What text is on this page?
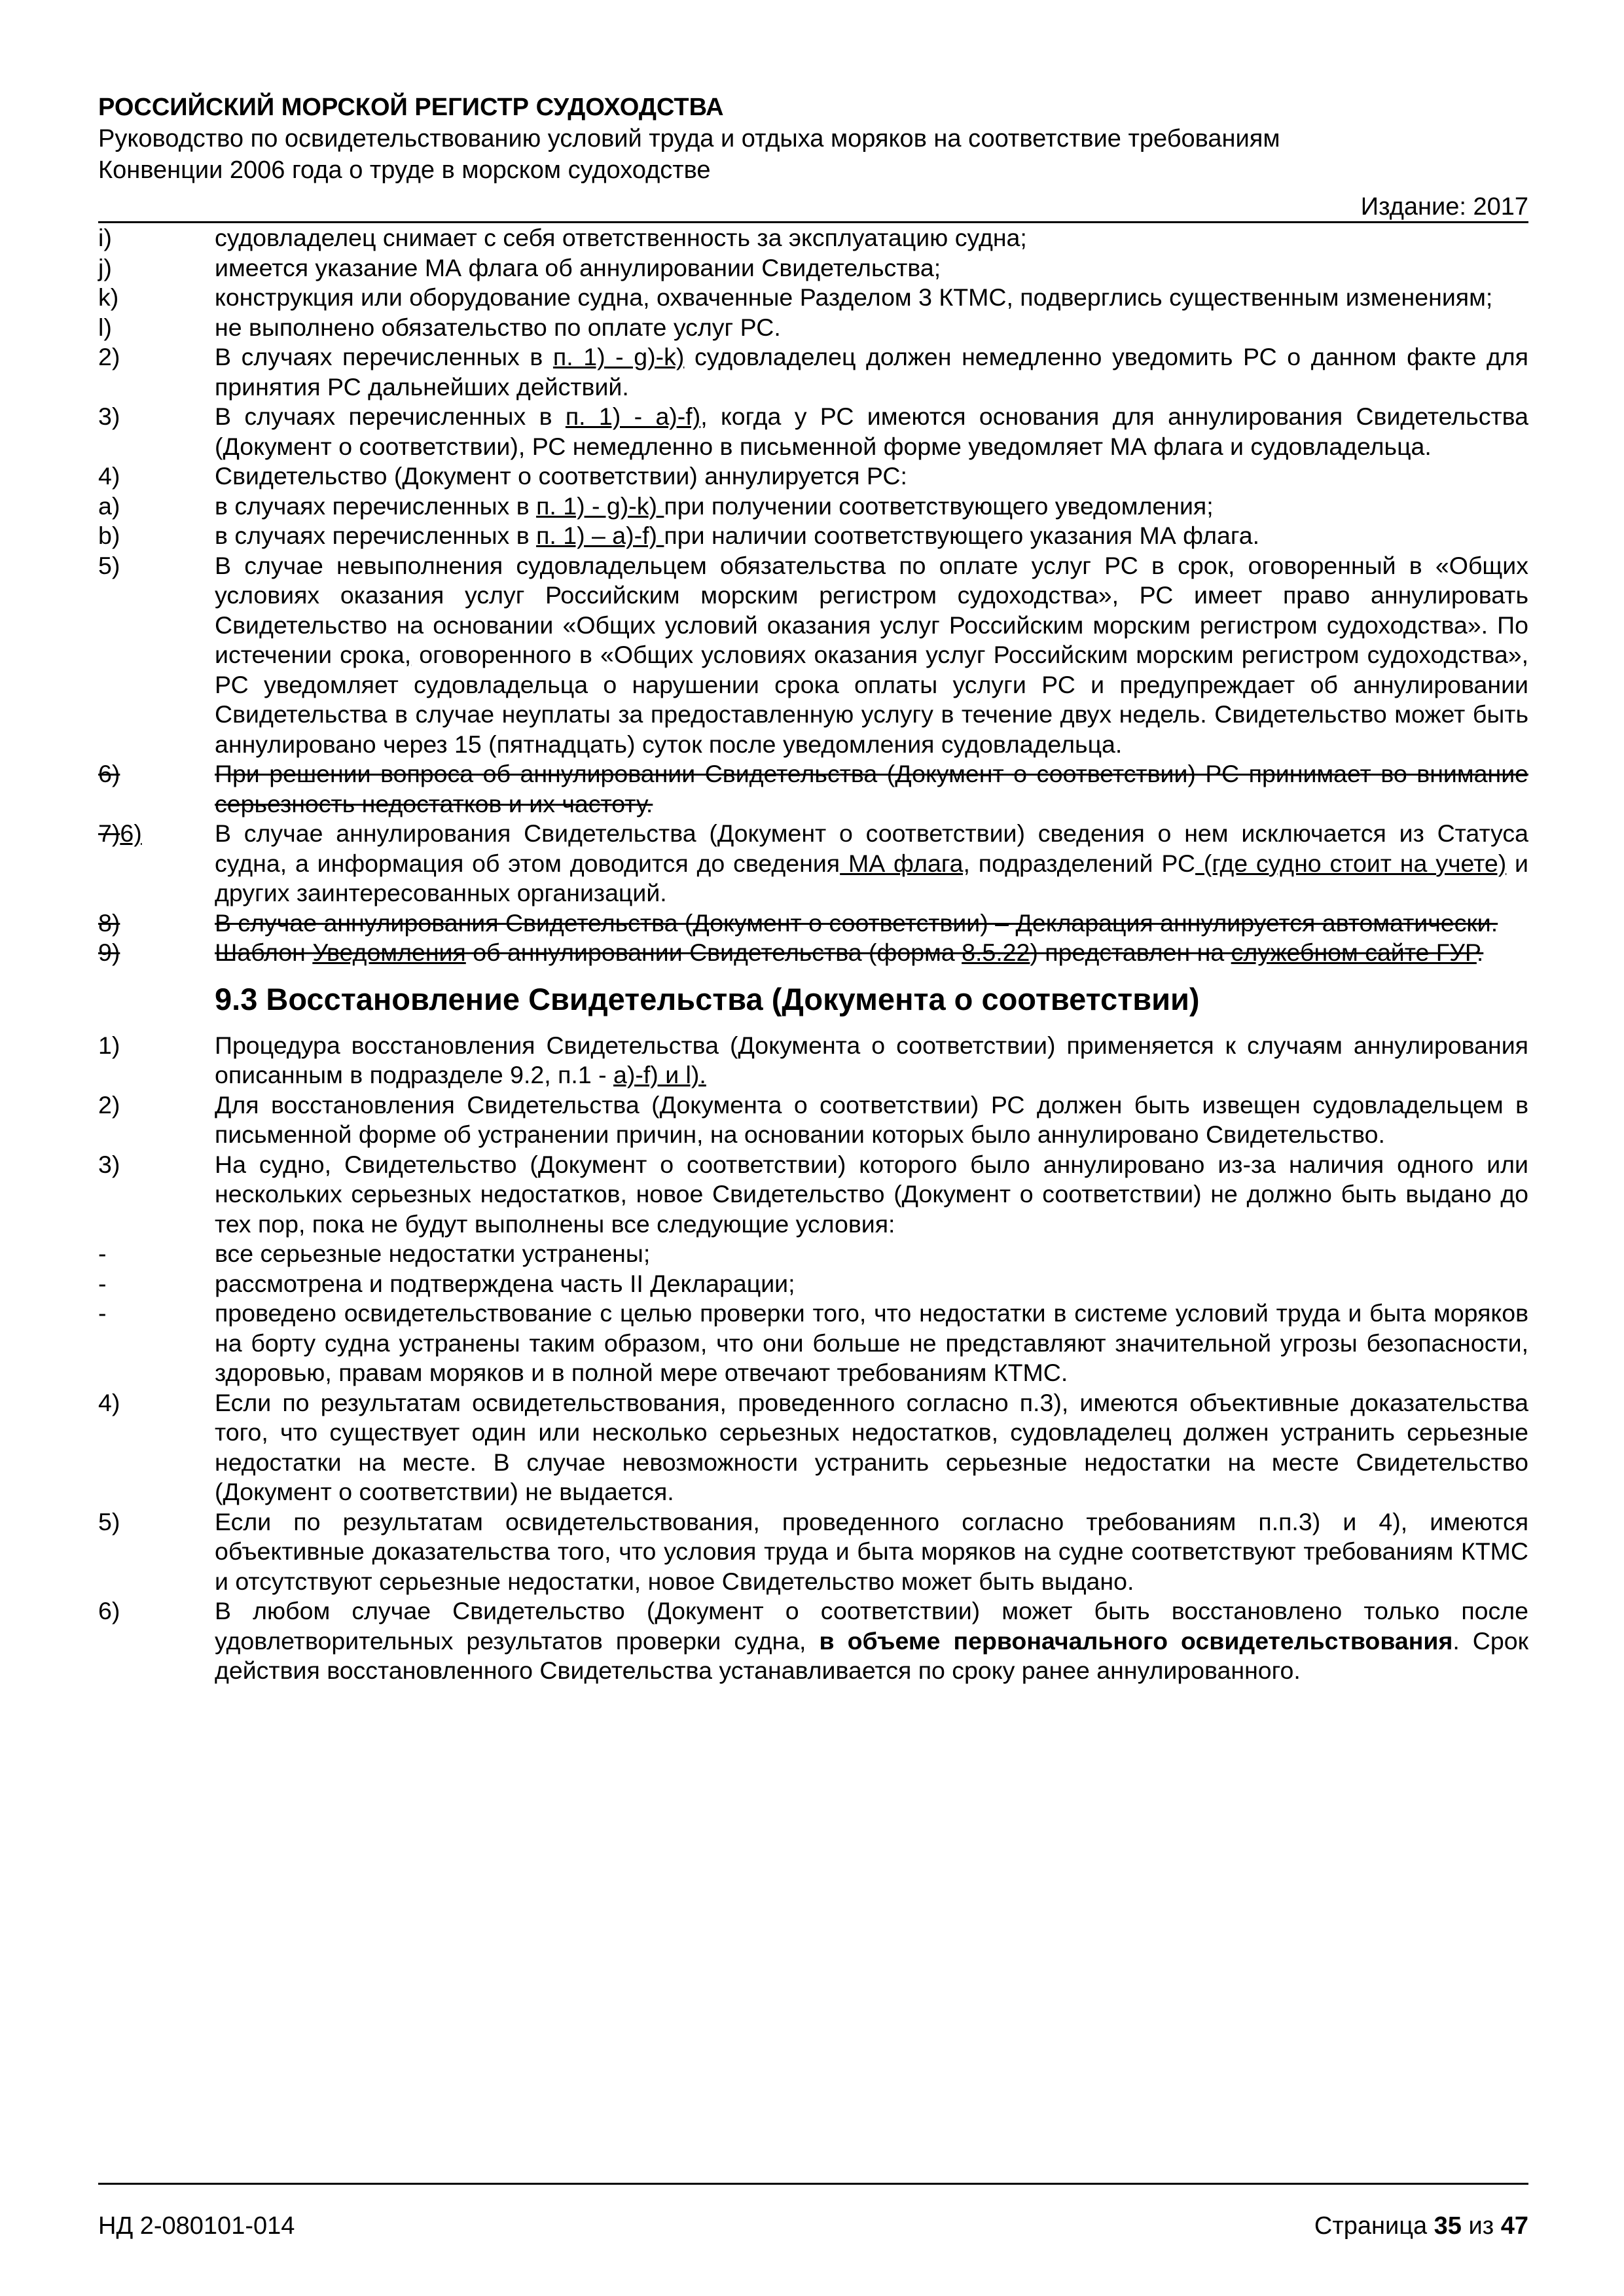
РОССИЙСКИЙ МОРСКОЙ РЕГИСТР СУДОХОДСТВА
Руководство по освидетельствованию условий труда и отдыха моряков на соответствие требованиям
Конвенции 2006 года о труде в морском судоходстве
Издание: 2017
i)	судовладелец снимает с себя ответственность за эксплуатацию судна;
j)	имеется указание МА флага об аннулировании Свидетельства;
k)	конструкция или оборудование судна, охваченные Разделом 3 КТМС, подверглись существенным изменениям;
l)	не выполнено обязательство по оплате услуг РС.
2)	В случаях перечисленных в п. 1) - g)-k) судовладелец должен немедленно уведомить РС о данном факте для принятия РС дальнейших действий.
3)	В случаях перечисленных в п. 1) - a)-f), когда у РС имеются основания для аннулирования Свидетельства (Документ о соответствии), РС немедленно в письменной форме уведомляет МА флага и судовладельца.
4)	Свидетельство (Документ о соответствии) аннулируется РС:
a)	в случаях перечисленных в п. 1) - g)-k) при получении соответствующего уведомления;
b)	в случаях перечисленных в п. 1) – a)-f) при наличии соответствующего указания МА флага.
5)	В случае невыполнения судовладельцем обязательства по оплате услуг РС в срок, оговоренный в «Общих условиях оказания услуг Российским морским регистром судоходства», РС имеет право аннулировать Свидетельство на основании «Общих условий оказания услуг Российским морским регистром судоходства». По истечении срока, оговоренного в «Общих условиях оказания услуг Российским морским регистром судоходства», РС уведомляет судовладельца о нарушении срока оплаты услуги РС и предупреждает об аннулировании Свидетельства в случае неуплаты за предоставленную услугу в течение двух недель. Свидетельство может быть аннулировано через 15 (пятнадцать) суток после уведомления судовладельца.
6)	При решении вопроса об аннулировании Свидетельства (Документ о соответствии) РС принимает во внимание серьезность недостатков и их частоту.
7)6)	В случае аннулирования Свидетельства (Документ о соответствии) сведения о нем исключается из Статуса судна, а информация об этом доводится до сведения МА флага, подразделений РС (где судно стоит на учете) и других заинтересованных организаций.
8)	В случае аннулирования Свидетельства (Документ о соответствии) – Декларация аннулируется автоматически.
9)	Шаблон Уведомления об аннулировании Свидетельства (форма 8.5.22) представлен на служебном сайте ГУР.
9.3 Восстановление Свидетельства (Документа о соответствии)
1)	Процедура восстановления Свидетельства (Документа о соответствии) применяется к случаям аннулирования описанным в подразделе 9.2, п.1 - a)-f) и l).
2)	Для восстановления Свидетельства (Документа о соответствии) РС должен быть извещен судовладельцем в письменной форме об устранении причин, на основании которых было аннулировано Свидетельство.
3)	На судно, Свидетельство (Документ о соответствии) которого было аннулировано из-за наличия одного или нескольких серьезных недостатков, новое Свидетельство (Документ о соответствии) не должно быть выдано до тех пор, пока не будут выполнены все следующие условия:
-	все серьезные недостатки устранены;
-	рассмотрена и подтверждена часть II Декларации;
-	проведено освидетельствование с целью проверки того, что недостатки в системе условий труда и быта моряков на борту судна устранены таким образом, что они больше не представляют значительной угрозы безопасности, здоровью, правам моряков и в полной мере отвечают требованиям КТМС.
4)	Если по результатам освидетельствования, проведенного согласно п.3), имеются объективные доказательства того, что существует один или несколько серьезных недостатков, судовладелец должен устранить серьезные недостатки на месте. В случае невозможности устранить серьезные недостатки на месте Свидетельство (Документ о соответствии) не выдается.
5)	Если по результатам освидетельствования, проведенного согласно требованиям п.п.3) и 4), имеются объективные доказательства того, что условия труда и быта моряков на судне соответствуют требованиям КТМС и отсутствуют серьезные недостатки, новое Свидетельство может быть выдано.
6)	В любом случае Свидетельство (Документ о соответствии) может быть восстановлено только после удовлетворительных результатов проверки судна, в объеме первоначального освидетельствования. Срок действия восстановленного Свидетельства устанавливается по сроку ранее аннулированного.
НД 2-080101-014	Страница 35 из 47
